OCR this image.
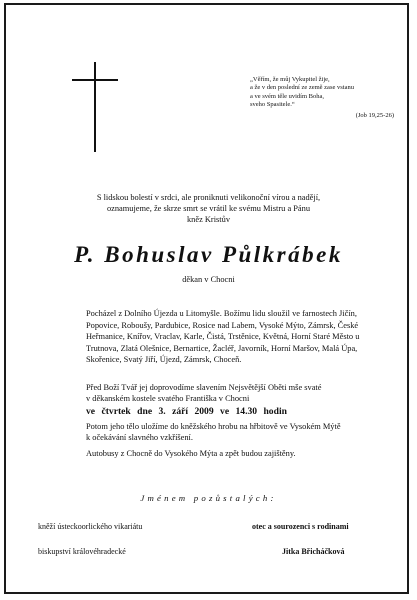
„Věřím, že můj Vykupitel žije,
a že v den poslední ze země zase vstanu
a ve svém těle uvidím Boha,
sveho Spasitele.“
(Job 19,25-26)
S lidskou bolestí v srdci, ale proniknuti velikonoční vírou a nadějí,
oznamujeme, že skrze smrt se vrátil ke svému Mistru a Pánu
kněz Kristův
P. Bohuslav Půlkrábek
děkan v Chocni
Pocházel z Dolního Újezda u Litomyšle. Božímu lidu sloužil ve farnostech Jičín,
Popovice, Roboušy, Pardubice, Rosice nad Labem, Vysoké Mýto, Zámrsk, České
Heřmanice, Knířov, Vraclav, Karle, Čistá, Trstěnice, Květná, Horní Staré Město u
Trutnova, Zlatá Olešnice, Bernartice, Žacléř, Javorník, Horní Maršov, Malá Úpa,
Skořenice, Svatý Jiří, Újezd, Zámrsk, Choceň.
Před Boží Tvář jej doprovodíme slavením Nejsvětější Oběti mše svaté
v děkanském kostele svatého Františka v Chocni
ve čtvrtek dne 3. září 2009 ve 14.30 hodin
Potom jeho tělo uložíme do kněžského hrobu na hřbitově ve Vysokém Mýtě
k očekávání slavného vzkříšení.
Autobusy z Chocně do Vysokého Mýta a zpět budou zajištěny.
Jménem pozůstalých:
kněží ústeckoorlického vikariátu	otec a sourozenci s rodinami
biskupství královéhradecké	Jitka Břicháčková
